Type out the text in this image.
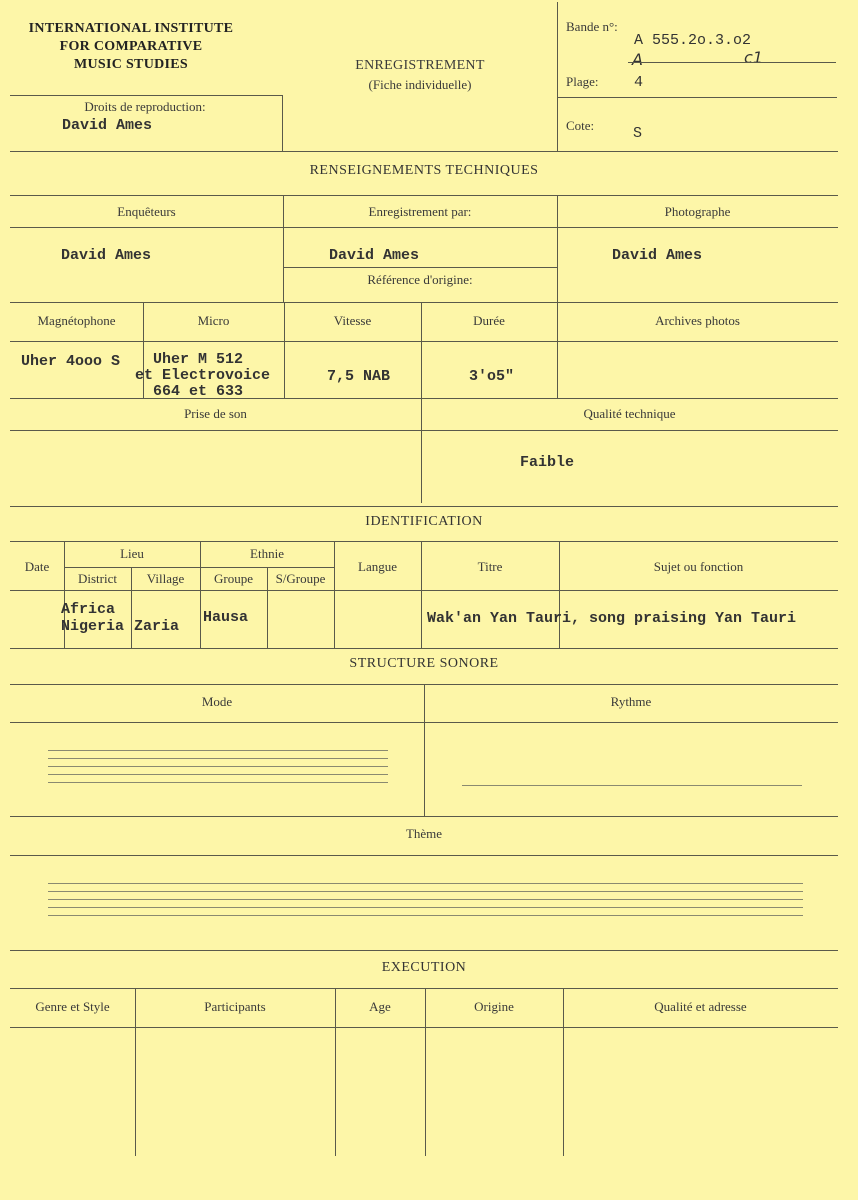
INTERNATIONAL INSTITUTE
FOR COMPARATIVE
MUSIC STUDIES	ENREGISTREMENT
(Fiche individuelle)
Droits de reproduction:
David Ames
Bande n°:
A 555.2o.3.o2
A	c1
Plage: 4
Cote:	S
RENSEIGNEMENTS TECHNIQUES
Enquêteurs	Enregistrement par:	Photographe
David Ames	David Ames
Référence d'origine:
David Ames
Magnétophone	Micro	Vitesse	Durée	Archives photos
Uher 4ooo S Uher M 512
et Electrovoice
664 et 633
7,5 NAB	3'o5"
Prise de son	Qualité technique
Faible
IDENTIFICATION
Date
Lieu	Ethnie
District	Village	Groupe	S/Groupe
Langue	Titre	Sujet ou fonction
Africa
Nigeria Zaria
Hausa	Wak'an Yan Tauri, song praising Yan Tauri
STRUCTURE SONORE
Mode	Rythme
Thème
EXECUTION
Genre et Style	Participants	Age	Origine	Qualité et adresse
